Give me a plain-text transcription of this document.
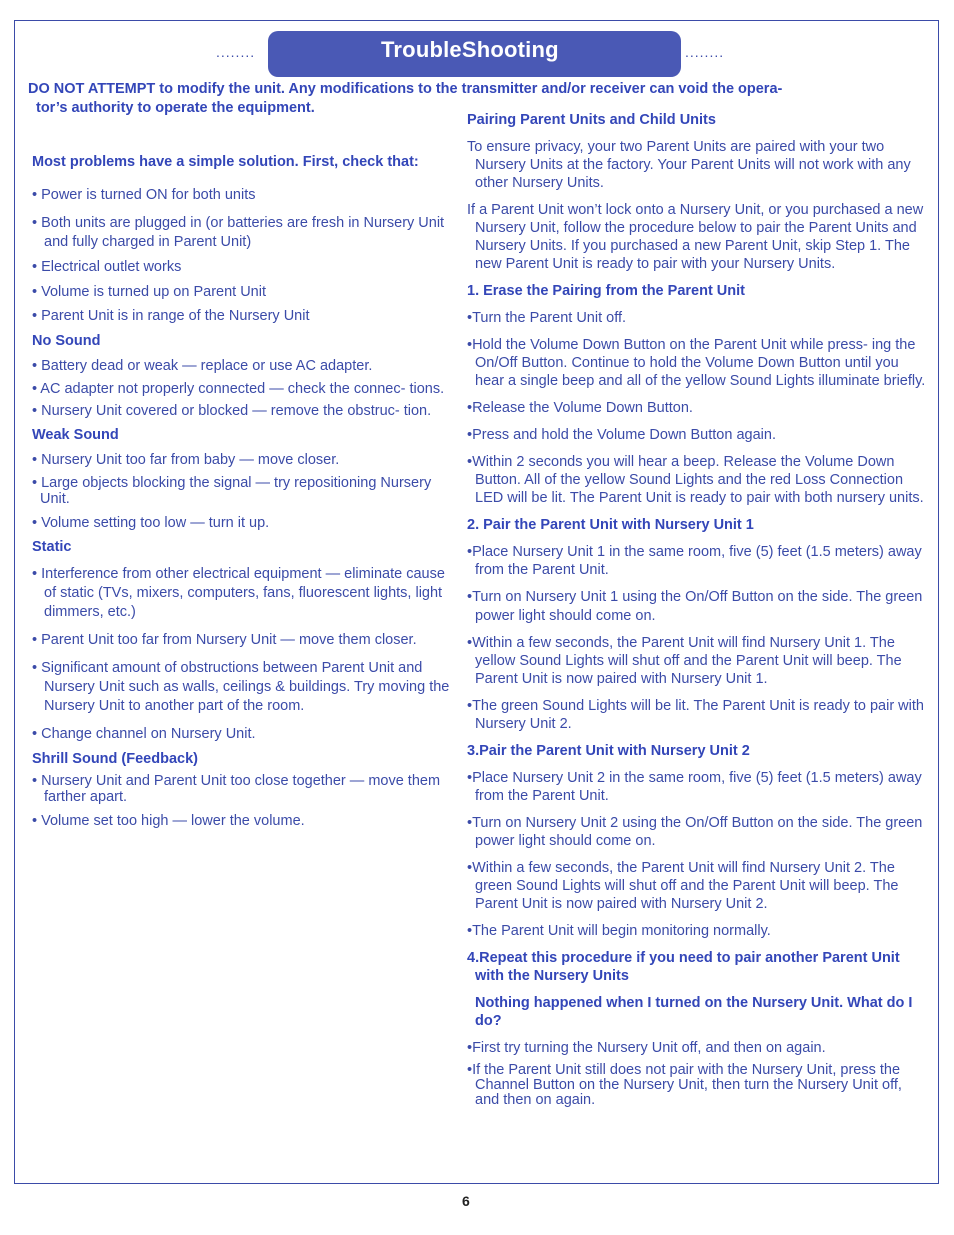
........	TroubleShooting	........
DO NOT ATTEMPT to modify the unit. Any modifications to the transmitter and/or receiver can void the opera-
tor’s authority to operate the equipment.

Most problems have a simple solution. First, check that:

• Power is turned ON for both units

• Both units are plugged in (or batteries are fresh in Nursery Unit and fully charged in Parent Unit)

• Electrical outlet works

• Volume is turned up on Parent Unit

• Parent Unit is in range of the Nursery Unit

No Sound

• Battery dead or weak — replace or use AC adapter.

• AC adapter not properly connected — check the connec- tions.

• Nursery Unit covered or blocked — remove the obstruc- tion.

Weak Sound

• Nursery Unit too far from baby — move closer.

• Large objects blocking the signal — try repositioning Nursery Unit.

• Volume setting too low — turn it up.

Static

• Interference from other electrical equipment — eliminate cause of static (TVs, mixers, computers, fans, fluorescent lights, light dimmers, etc.)

• Parent Unit too far from Nursery Unit — move them closer.

• Significant amount of obstructions between Parent Unit and Nursery Unit such as walls, ceilings & buildings. Try moving the Nursery Unit to another part of the room.

• Change channel on Nursery Unit.

Shrill Sound (Feedback)

• Nursery Unit and Parent Unit too close together — move them farther apart.

• Volume set too high — lower the volume.

Pairing Parent Units and Child Units

To ensure privacy, your two Parent Units are paired with your two Nursery Units at the factory. Your Parent Units will not work with any other Nursery Units.

If a Parent Unit won’t lock onto a Nursery Unit, or you purchased a new Nursery Unit, follow the procedure below to pair the Parent Units and Nursery Units. If you purchased a new Parent Unit, skip Step 1. The new Parent Unit is ready to pair with your Nursery Units.

1. Erase the Pairing from the Parent Unit

•Turn the Parent Unit off.

•Hold the Volume Down Button on the Parent Unit while press- ing the On/Off Button. Continue to hold the Volume Down Button until you hear a single beep and all of the yellow Sound Lights illuminate briefly.

•Release the Volume Down Button.

•Press and hold the Volume Down Button again.

•Within 2 seconds you will hear a beep. Release the Volume Down Button. All of the yellow Sound Lights and the red Loss Connection LED will be lit. The Parent Unit is ready to pair with both nursery units.

2. Pair the Parent Unit with Nursery Unit 1

•Place Nursery Unit 1 in the same room, five (5) feet (1.5 meters) away from the Parent Unit.

•Turn on Nursery Unit 1 using the On/Off Button on the side. The green power light should come on.

•Within a few seconds, the Parent Unit will find Nursery Unit 1. The yellow Sound Lights will shut off and the Parent Unit will beep. The Parent Unit is now paired with Nursery Unit 1.

•The green Sound Lights will be lit. The Parent Unit is ready to pair with Nursery Unit 2.

3.Pair the Parent Unit with Nursery Unit 2

•Place Nursery Unit 2 in the same room, five (5) feet (1.5 meters) away from the Parent Unit.

•Turn on Nursery Unit 2 using the On/Off Button on the side. The green power light should come on.

•Within a few seconds, the Parent Unit will find Nursery Unit 2. The green Sound Lights will shut off and the Parent Unit will beep. The Parent Unit is now paired with Nursery Unit 2.

•The Parent Unit will begin monitoring normally.

4.Repeat this procedure if you need to pair another Parent Unit with the Nursery Units

Nothing happened when I turned on the Nursery Unit. What do I do?

•First try turning the Nursery Unit off, and then on again.

•If the Parent Unit still does not pair with the Nursery Unit, press the Channel Button on the Nursery Unit, then turn the Nursery Unit off, and then on again.

6
